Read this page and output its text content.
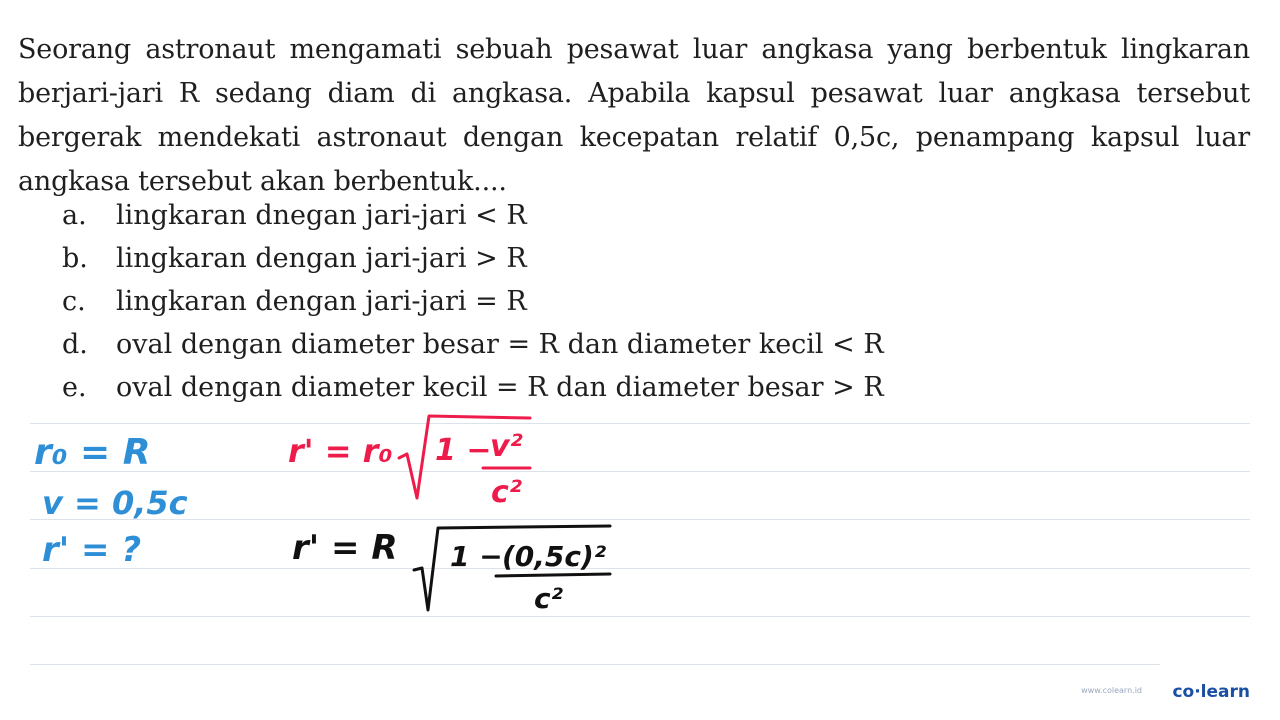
Seorang astronaut mengamati sebuah pesawat luar angkasa yang berbentuk lingkaran berjari-jari R sedang diam di angkasa. Apabila kapsul pesawat luar angkasa tersebut bergerak mendekati astronaut dengan kecepatan relatif 0,5c, penampang kapsul luar angkasa tersebut akan berbentuk....
a. lingkaran dnegan jari-jari < R
b. lingkaran dengan jari-jari > R
c. lingkaran dengan jari-jari = R
d. oval dengan diameter besar = R dan diameter kecil < R
e. oval dengan diameter kecil = R dan diameter besar > R
r₀ = R
v = 0,5c
r' = ?
r' = r₀ 1 −
v²
c²
r' = R 1 − (0,5c)²
c²
www.colearn.id co·learn
